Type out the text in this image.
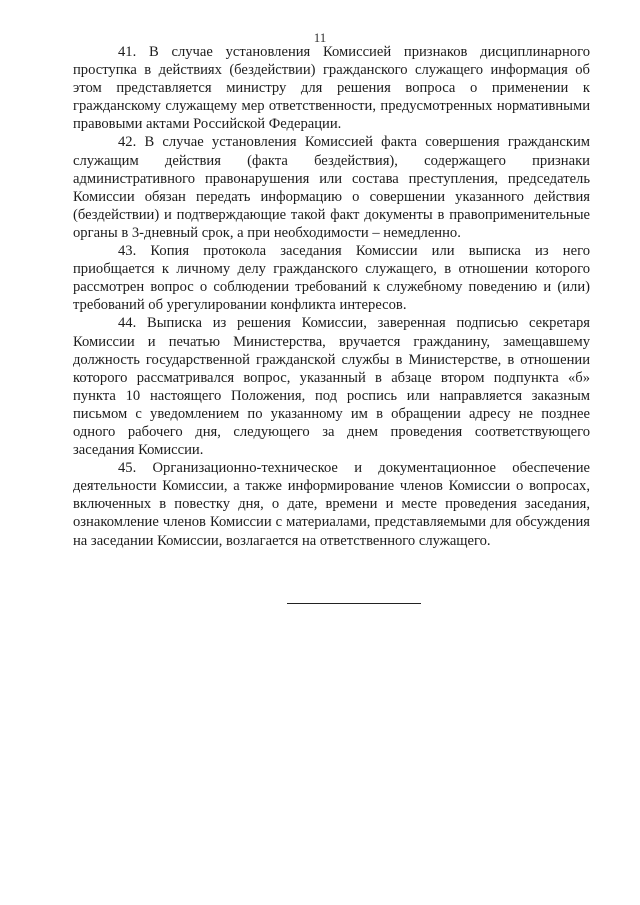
11

41. В случае установления Комиссией признаков дисциплинарного проступка в действиях (бездействии) гражданского служащего информация об этом представляется министру для решения вопроса о применении к гражданскому служащему мер ответственности, предусмотренных нормативными правовыми актами Российской Федерации.

42. В случае установления Комиссией факта совершения гражданским служащим действия (факта бездействия), содержащего признаки административного правонарушения или состава преступления, председатель Комиссии обязан передать информацию о совершении указанного действия (бездействии) и подтверждающие такой факт документы в правоприменительные органы в 3-дневный срок, а при необходимости – немедленно.

43. Копия протокола заседания Комиссии или выписка из него приобщается к личному делу гражданского служащего, в отношении которого рассмотрен вопрос о соблюдении требований к служебному поведению и (или) требований об урегулировании конфликта интересов.

44. Выписка из решения Комиссии, заверенная подписью секретаря Комиссии и печатью Министерства, вручается гражданину, замещавшему должность государственной гражданской службы в Министерстве, в отношении которого рассматривался вопрос, указанный в абзаце втором подпункта «б» пункта 10 настоящего Положения, под роспись или направляется заказным письмом с уведомлением по указанному им в обращении адресу не позднее одного рабочего дня, следующего за днем проведения соответствующего заседания Комиссии.

45. Организационно-техническое и документационное обеспечение деятельности Комиссии, а также информирование членов Комиссии о вопросах, включенных в повестку дня, о дате, времени и месте проведения заседания, ознакомление членов Комиссии с материалами, представляемыми для обсуждения на заседании Комиссии, возлагается на ответственного служащего.
